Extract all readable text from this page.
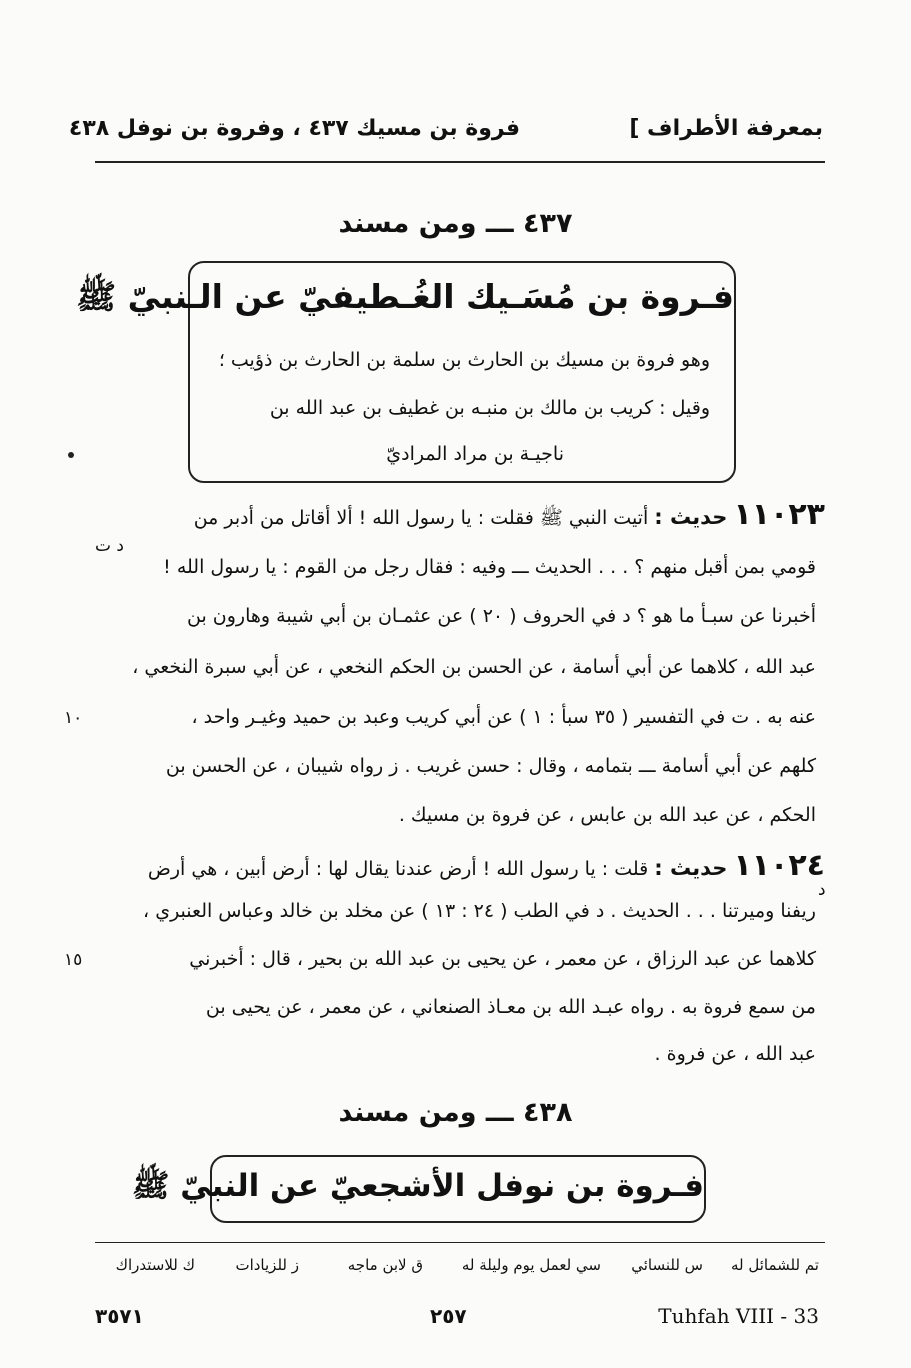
بمعرفة الأطراف ]
فروة بن مسيك ٤٣٧ ، وفروة بن نوفل ٤٣٨
٤٣٧ ـــ ومن مسند
فـروة بن مُسَـيك الغُـطيفيّ عن الـنبيّ ﷺ
وهو فروة بن مسيك بن الحارث بن سلمة بن الحارث بن ذؤيب ؛
وقيل : كريب بن مالك بن منبـه بن غطيف بن عبد الله بن
ناجيـة بن مراد المراديّ
١١٠٢٣ حديث : أتيت النبي ﷺ فقلت : يا رسول الله ! ألا أقاتل من أدبر من
د ت
قومي بمن أقبل منهم ؟ . . . الحديث ـــ وفيه : فقال رجل من القوم : يا رسول الله !
أخبرنا عن سبـأ ما هو ؟ د في الحروف ( ٢٠ ) عن عثمـان بن أبي شيبة وهارون بن
عبد الله ، كلاهما عن أبي أسامة ، عن الحسن بن الحكم النخعي ، عن أبي سبرة النخعي ،
عنه به . ت في التفسير ( ٣٥ سبأ : ١ ) عن أبي كريب وعبد بن حميد وغيـر واحد ،
١٠
كلهم عن أبي أسامة ـــ بتمامه ، وقال : حسن غريب . ز رواه شيبان ، عن الحسن بن
الحكم ، عن عبد الله بن عابس ، عن فروة بن مسيك .
١١٠٢٤ حديث : قلت : يا رسول الله ! أرض عندنا يقال لها : أرض أبين ، هي أرض
د
ريفنا وميرتنا . . . الحديث . د في الطب ( ٢٤ : ١٣ ) عن مخلد بن خالد وعباس العنبري ،
كلاهما عن عبد الرزاق ، عن معمر ، عن يحيى بن عبد الله بن بحير ، قال : أخبرني
١٥
من سمع فروة به . رواه عبـد الله بن معـاذ الصنعاني ، عن معمر ، عن يحيى بن
عبد الله ، عن فروة .
٤٣٨ ـــ ومن مسند
فـروة بن نوفل الأشجعيّ عن النبيّ ﷺ
تم للشمائل له
س للنسائي
سي لعمل يوم وليلة له
ق لابن ماجه
ز للزيادات
ك للاستدراك
٣٥٧١	٢٥٧	Tuhfah VIII - 33
